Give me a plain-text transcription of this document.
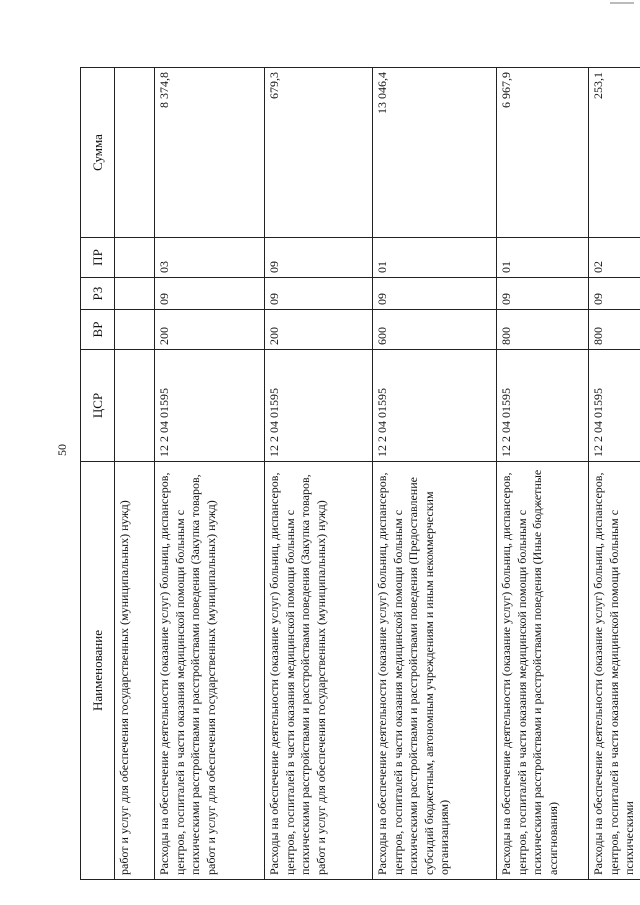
50
Наименование	ЦСР	ВР	РЗ	ПР	Сумма
работ и услуг для обеспечения государственных (муниципальных) нужд)					
Расходы на обеспечение деятельности (оказание услуг) больниц, диспансеров, центров, госпиталей в части оказания медицинской помощи больным с психическими расстройствами и расстройствами поведения (Закупка товаров, работ и услуг для обеспечения государственных (муниципальных) нужд)	12 2 04 01595	200	09	03	8 374,8
Расходы на обеспечение деятельности (оказание услуг) больниц, диспансеров, центров, госпиталей в части оказания медицинской помощи больным с психическими расстройствами и расстройствами поведения (Закупка товаров, работ и услуг для обеспечения государственных (муниципальных) нужд)	12 2 04 01595	200	09	09	679,3
Расходы на обеспечение деятельности (оказание услуг) больниц, диспансеров, центров, госпиталей в части оказания медицинской помощи больным с психическими расстройствами и расстройствами поведения (Предоставление субсидий бюджетным, автономным учреждениям и иным некоммерческим организациям)	12 2 04 01595	600	09	01	13 046,4
Расходы на обеспечение деятельности (оказание услуг) больниц, диспансеров, центров, госпиталей в части оказания медицинской помощи больным с психическими расстройствами и расстройствами поведения (Иные бюджетные ассигнования)	12 2 04 01595	800	09	01	6 967,9
Расходы на обеспечение деятельности (оказание услуг) больниц, диспансеров, центров, госпиталей в части оказания медицинской помощи больным с психическими	12 2 04 01595	800	09	02	253,1
